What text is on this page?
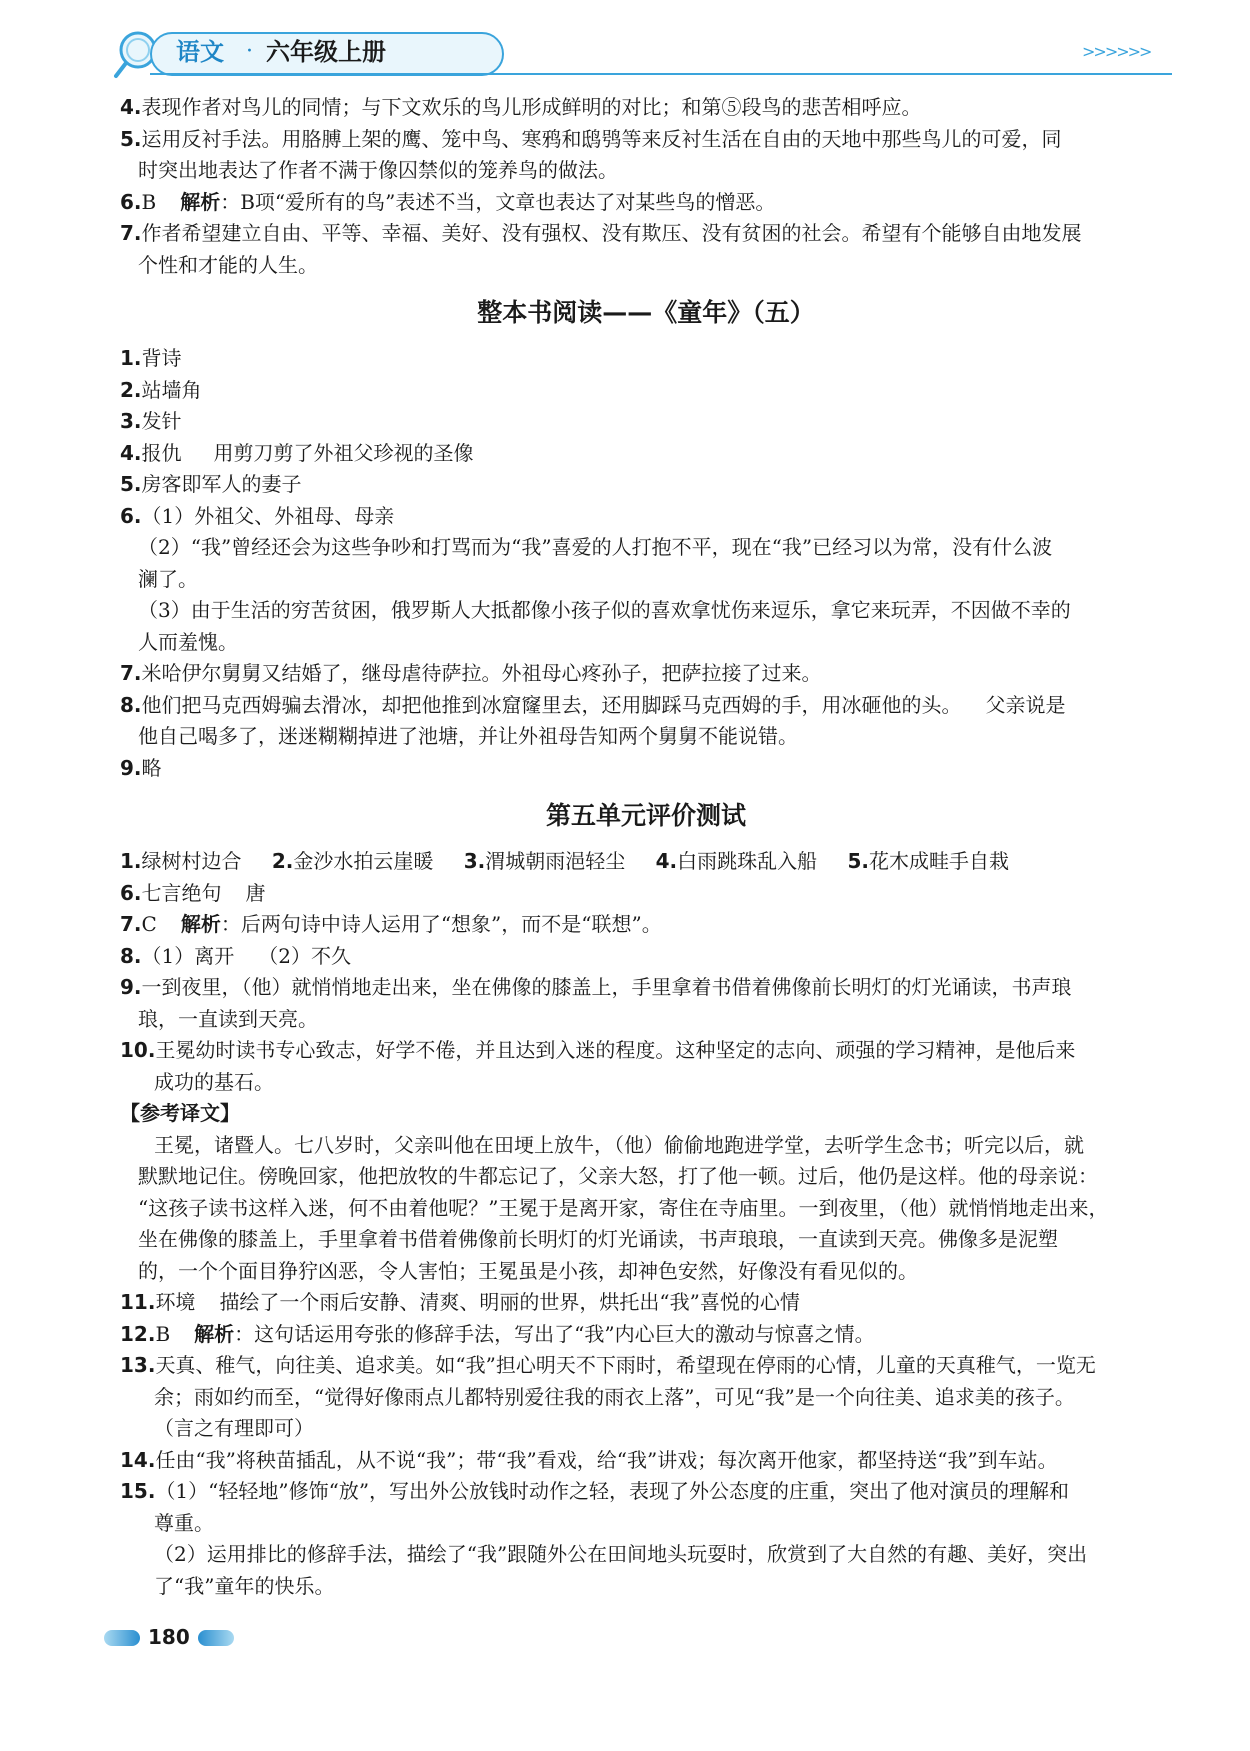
语文 · 六年级上册	>>>>>>
4.表现作者对鸟儿的同情；与下文欢乐的鸟儿形成鲜明的对比；和第⑤段鸟的悲苦相呼应。
5.运用反衬手法。用胳膊上架的鹰、笼中鸟、寒鸦和鸱鸮等来反衬生活在自由的天地中那些鸟儿的可爱，同
时突出地表达了作者不满于像囚禁似的笼养鸟的做法。
6.B 解析：B项“爱所有的鸟”表述不当，文章也表达了对某些鸟的憎恶。
7.作者希望建立自由、平等、幸福、美好、没有强权、没有欺压、没有贫困的社会。希望有个能够自由地发展
个性和才能的人生。
整本书阅读——《童年》（五）
1.背诗
2.站墙角
3.发针
4.报仇 用剪刀剪了外祖父珍视的圣像
5.房客即军人的妻子
6.（1）外祖父、外祖母、母亲
（2）“我”曾经还会为这些争吵和打骂而为“我”喜爱的人打抱不平，现在“我”已经习以为常，没有什么波
澜了。
（3）由于生活的穷苦贫困，俄罗斯人大抵都像小孩子似的喜欢拿忧伤来逗乐，拿它来玩弄，不因做不幸的
人而羞愧。
7.米哈伊尔舅舅又结婚了，继母虐待萨拉。外祖母心疼孙子，把萨拉接了过来。
8.他们把马克西姆骗去滑冰，却把他推到冰窟窿里去，还用脚踩马克西姆的手，用冰砸他的头。 父亲说是
他自己喝多了，迷迷糊糊掉进了池塘，并让外祖母告知两个舅舅不能说错。
9.略
第五单元评价测试
1.绿树村边合 2.金沙水拍云崖暖 3.渭城朝雨浥轻尘 4.白雨跳珠乱入船 5.花木成畦手自栽
6.七言绝句 唐
7.C 解析：后两句诗中诗人运用了“想象”，而不是“联想”。
8.（1）离开 （2）不久
9.一到夜里，（他）就悄悄地走出来，坐在佛像的膝盖上，手里拿着书借着佛像前长明灯的灯光诵读，书声琅
琅，一直读到天亮。
10.王冕幼时读书专心致志，好学不倦，并且达到入迷的程度。这种坚定的志向、顽强的学习精神，是他后来
成功的基石。
【参考译文】
王冕，诸暨人。七八岁时，父亲叫他在田埂上放牛，（他）偷偷地跑进学堂，去听学生念书；听完以后，就
默默地记住。傍晚回家，他把放牧的牛都忘记了，父亲大怒，打了他一顿。过后，他仍是这样。他的母亲说：
“这孩子读书这样入迷，何不由着他呢？”王冕于是离开家，寄住在寺庙里。一到夜里，（他）就悄悄地走出来，
坐在佛像的膝盖上，手里拿着书借着佛像前长明灯的灯光诵读，书声琅琅，一直读到天亮。佛像多是泥塑
的，一个个面目狰狞凶恶，令人害怕；王冕虽是小孩，却神色安然，好像没有看见似的。
11.环境 描绘了一个雨后安静、清爽、明丽的世界，烘托出“我”喜悦的心情
12.B 解析：这句话运用夸张的修辞手法，写出了“我”内心巨大的激动与惊喜之情。
13.天真、稚气，向往美、追求美。如“我”担心明天不下雨时，希望现在停雨的心情，儿童的天真稚气，一览无
余；雨如约而至，“觉得好像雨点儿都特别爱往我的雨衣上落”，可见“我”是一个向往美、追求美的孩子。
（言之有理即可）
14.任由“我”将秧苗插乱，从不说“我”；带“我”看戏，给“我”讲戏；每次离开他家，都坚持送“我”到车站。
15.（1）“轻轻地”修饰“放”，写出外公放钱时动作之轻，表现了外公态度的庄重，突出了他对演员的理解和
尊重。
（2）运用排比的修辞手法，描绘了“我”跟随外公在田间地头玩耍时，欣赏到了大自然的有趣、美好，突出
了“我”童年的快乐。
180
